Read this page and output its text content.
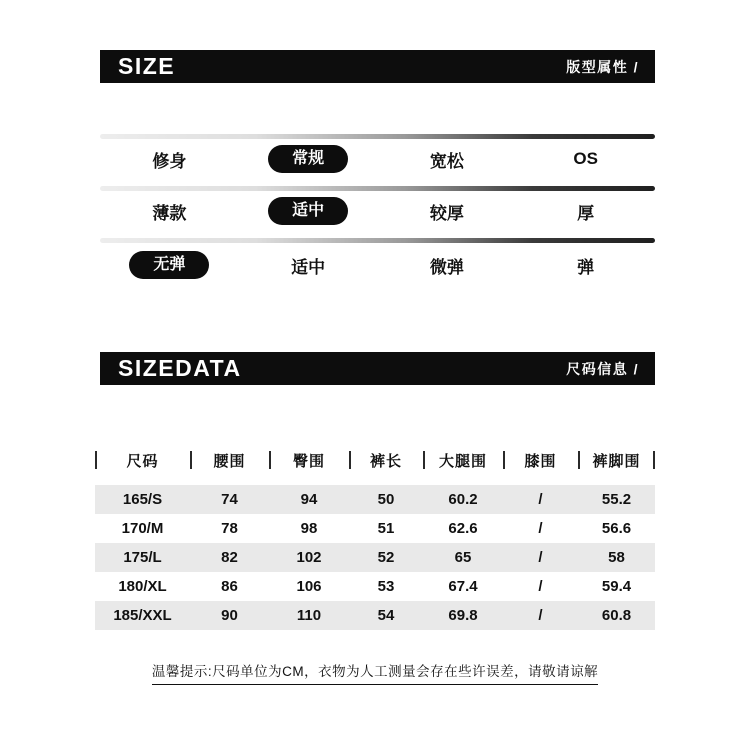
SIZE	版型属性 /
修身	常规	宽松	OS
薄款	适中	较厚	厚
无弹	适中	微弹	弹
SIZEDATA	尺码信息 /
尺码	腰围	臀围	裤长	大腿围	膝围	裤脚围
165/S	74	94	50	60.2	/	55.2
170/M	78	98	51	62.6	/	56.6
175/L	82	102	52	65	/	58
180/XL	86	106	53	67.4	/	59.4
185/XXL	90	110	54	69.8	/	60.8
温馨提示:尺码单位为CM，衣物为人工测量会存在些许误差，请敬请谅解
